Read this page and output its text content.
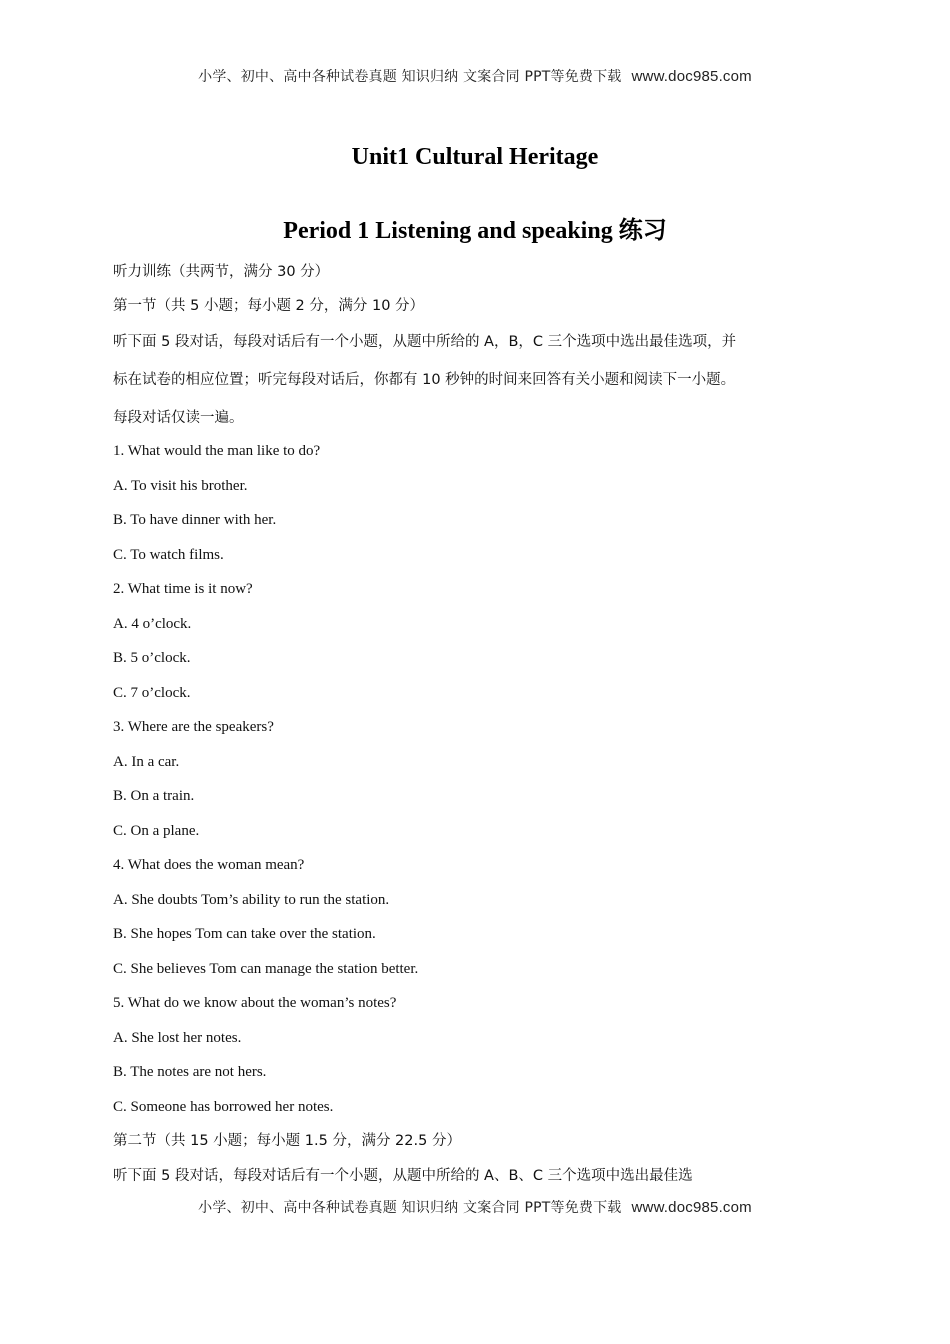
小学、初中、高中各种试卷真题 知识归纳 文案合同 PPT等免费下载 www.doc985.com
Unit1 Cultural Heritage
Period 1 Listening and speaking 练习

听力训练（共两节，满分 30 分）

第一节（共 5 小题；每小题 2 分，满分 10 分）

听下面 5 段对话，每段对话后有一个小题，从题中所给的 A，B，C 三个选项中选出最佳选项，并

标在试卷的相应位置；听完每段对话后，你都有 10 秒钟的时间来回答有关小题和阅读下一小题。

每段对话仅读一遍。

1. What would the man like to do?

A. To visit his brother.

B. To have dinner with her.

C. To watch films.

2. What time is it now?

A. 4 o’clock.

B. 5 o’clock.

C. 7 o’clock.

3. Where are the speakers?

A. In a car.

B. On a train.

C. On a plane.

4. What does the woman mean?

A. She doubts Tom’s ability to run the station.

B. She hopes Tom can take over the station.

C. She believes Tom can manage the station better.

5. What do we know about the woman’s notes?

A. She lost her notes.

B. The notes are not hers.

C. Someone has borrowed her notes.

第二节（共 15 小题；每小题 1.5 分，满分 22.5 分）

听下面 5 段对话，每段对话后有一个小题，从题中所给的 A、B、C 三个选项中选出最佳选

小学、初中、高中各种试卷真题 知识归纳 文案合同 PPT等免费下载 www.doc985.com
